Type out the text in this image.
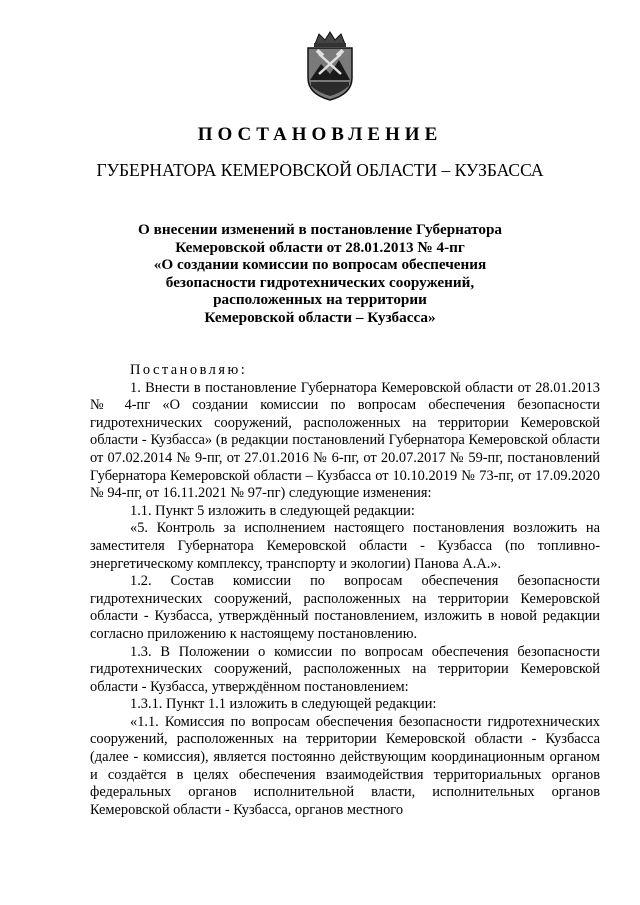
ПОСТАНОВЛЕНИЕ
ГУБЕРНАТОРА КЕМЕРОВСКОЙ ОБЛАСТИ – КУЗБАССА
О внесении изменений в постановление Губернатора
Кемеровской области от 28.01.2013 № 4-пг
«О создании комиссии по вопросам обеспечения
безопасности гидротехнических сооружений,
расположенных на территории
Кемеровской области – Кузбасса»

Постановляю:

1. Внести в постановление Губернатора Кемеровской области от 28.01.2013 № 4-пг «О создании комиссии по вопросам обеспечения безопасности гидротехнических сооружений, расположенных на территории Кемеровской области - Кузбасса» (в редакции постановлений Губернатора Кемеровской области от 07.02.2014 № 9-пг, от 27.01.2016 № 6-пг, от 20.07.2017 № 59-пг, постановлений Губернатора Кемеровской области – Кузбасса от 10.10.2019 № 73-пг, от 17.09.2020 № 94-пг, от 16.11.2021 № 97-пг) следующие изменения:

1.1. Пункт 5 изложить в следующей редакции:

«5. Контроль за исполнением настоящего постановления возложить на заместителя Губернатора Кемеровской области - Кузбасса (по топливно-энергетическому комплексу, транспорту и экологии) Панова А.А.».

1.2. Состав комиссии по вопросам обеспечения безопасности гидротехнических сооружений, расположенных на территории Кемеровской области - Кузбасса, утверждённый постановлением, изложить в новой редакции согласно приложению к настоящему постановлению.

1.3. В Положении о комиссии по вопросам обеспечения безопасности гидротехнических сооружений, расположенных на территории Кемеровской области - Кузбасса, утверждённом постановлением:

1.3.1. Пункт 1.1 изложить в следующей редакции:

«1.1. Комиссия по вопросам обеспечения безопасности гидротехнических сооружений, расположенных на территории Кемеровской области - Кузбасса (далее - комиссия), является постоянно действующим координационным органом и создаётся в целях обеспечения взаимодействия территориальных органов федеральных органов исполнительной власти, исполнительных органов Кемеровской области - Кузбасса, органов местного
